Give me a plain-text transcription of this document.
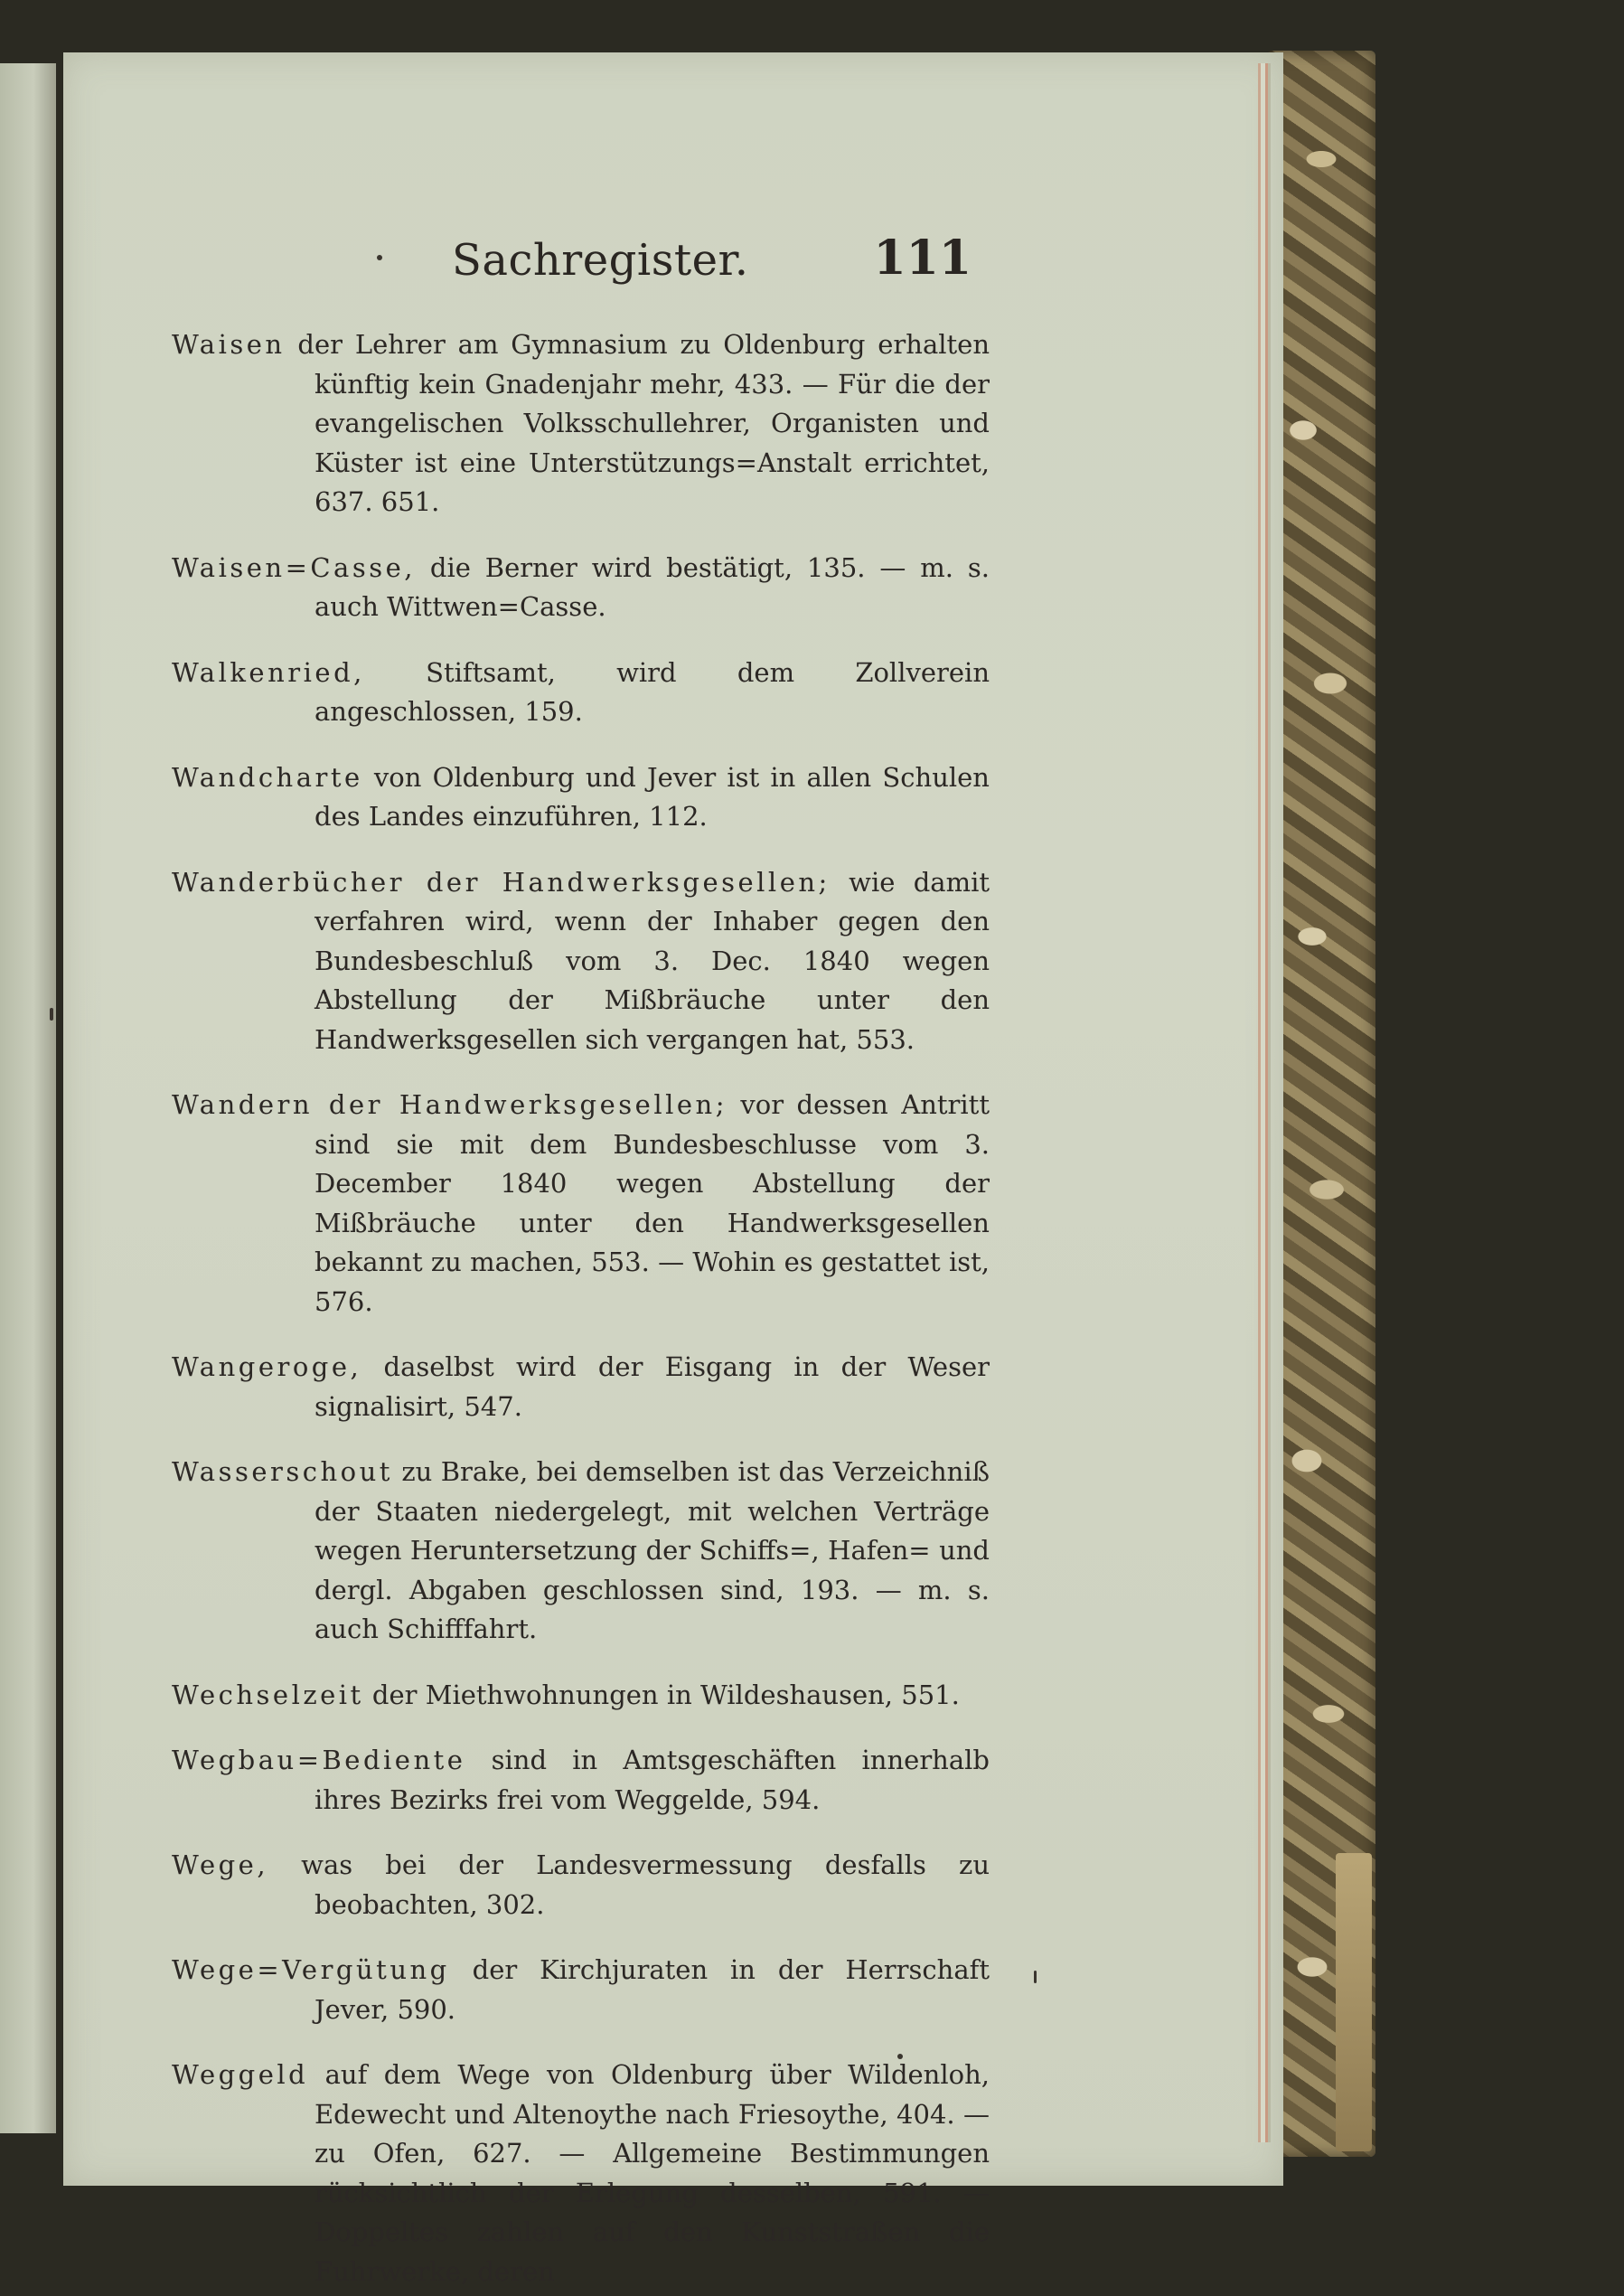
Sachregister.	111

Waisen der Lehrer am Gymnasium zu Oldenburg erhalten künftig kein Gnadenjahr mehr, 433. — Für die der evangelischen Volksschullehrer, Organisten und Küster ist eine Unterstützungs=Anstalt errichtet, 637. 651.

Waisen=Casse, die Berner wird bestätigt, 135. — m. s. auch Wittwen=Casse.

Walkenried, Stiftsamt, wird dem Zollverein angeschlossen, 159.

Wandcharte von Oldenburg und Jever ist in allen Schulen des Landes einzuführen, 112.

Wanderbücher der Handwerksgesellen; wie damit verfahren wird, wenn der Inhaber gegen den Bundesbeschluß vom 3. Dec. 1840 wegen Abstellung der Mißbräuche unter den Handwerksgesellen sich vergangen hat, 553.

Wandern der Handwerksgesellen; vor dessen Antritt sind sie mit dem Bundesbeschlusse vom 3. December 1840 wegen Abstellung der Mißbräuche unter den Handwerksgesellen bekannt zu machen, 553. — Wohin es gestattet ist, 576.

Wangeroge, daselbst wird der Eisgang in der Weser signalisirt, 547.

Wasserschout zu Brake, bei demselben ist das Verzeichniß der Staaten niedergelegt, mit welchen Verträge wegen Heruntersetzung der Schiffs=, Hafen= und dergl. Abgaben geschlossen sind, 193. — m. s. auch Schifffahrt.

Wechselzeit der Miethwohnungen in Wildeshausen, 551.

Wegbau=Bediente sind in Amtsgeschäften innerhalb ihres Bezirks frei vom Weggelde, 594.

Wege, was bei der Landesvermessung desfalls zu beobachten, 302.

Wege=Vergütung der Kirchjuraten in der Herrschaft Jever, 590.

Weggeld auf dem Wege von Oldenburg über Wildenloh, Edewecht und Altenoythe nach Friesoythe, 404. — zu Ofen, 627. — Allgemeine Bestimmungen rücksichtlich der Erlegung desselben, 591. — Doppeltes zahlen auf den Kunststraßen die Fuhrwerke, deren
